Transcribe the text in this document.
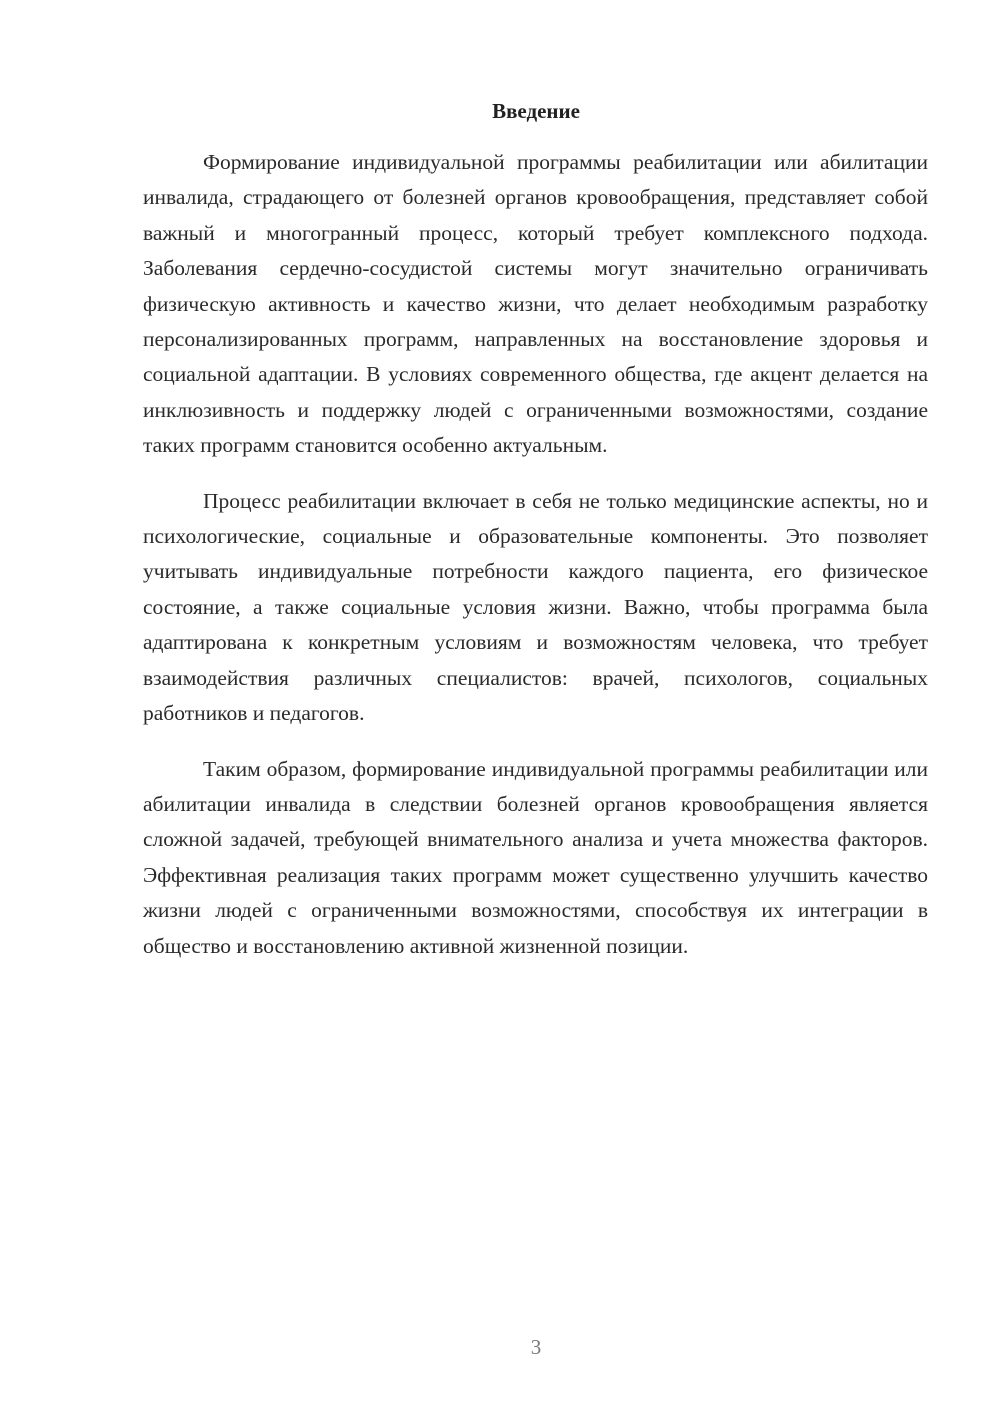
Введение

Формирование индивидуальной программы реабилитации или абилитации инвалида, страдающего от болезней органов кровообращения, представляет собой важный и многогранный процесс, который требует комплексного подхода. Заболевания сердечно-сосудистой системы могут значительно ограничивать физическую активность и качество жизни, что делает необходимым разработку персонализированных программ, направленных на восстановление здоровья и социальной адаптации. В условиях современного общества, где акцент делается на инклюзивность и поддержку людей с ограниченными возможностями, создание таких программ становится особенно актуальным.

Процесс реабилитации включает в себя не только медицинские аспекты, но и психологические, социальные и образовательные компоненты. Это позволяет учитывать индивидуальные потребности каждого пациента, его физическое состояние, а также социальные условия жизни. Важно, чтобы программа была адаптирована к конкретным условиям и возможностям человека, что требует взаимодействия различных специалистов: врачей, психологов, социальных работников и педагогов.

Таким образом, формирование индивидуальной программы реабилитации или абилитации инвалида в следствии болезней органов кровообращения является сложной задачей, требующей внимательного анализа и учета множества факторов. Эффективная реализация таких программ может существенно улучшить качество жизни людей с ограниченными возможностями, способствуя их интеграции в общество и восстановлению активной жизненной позиции.

3
